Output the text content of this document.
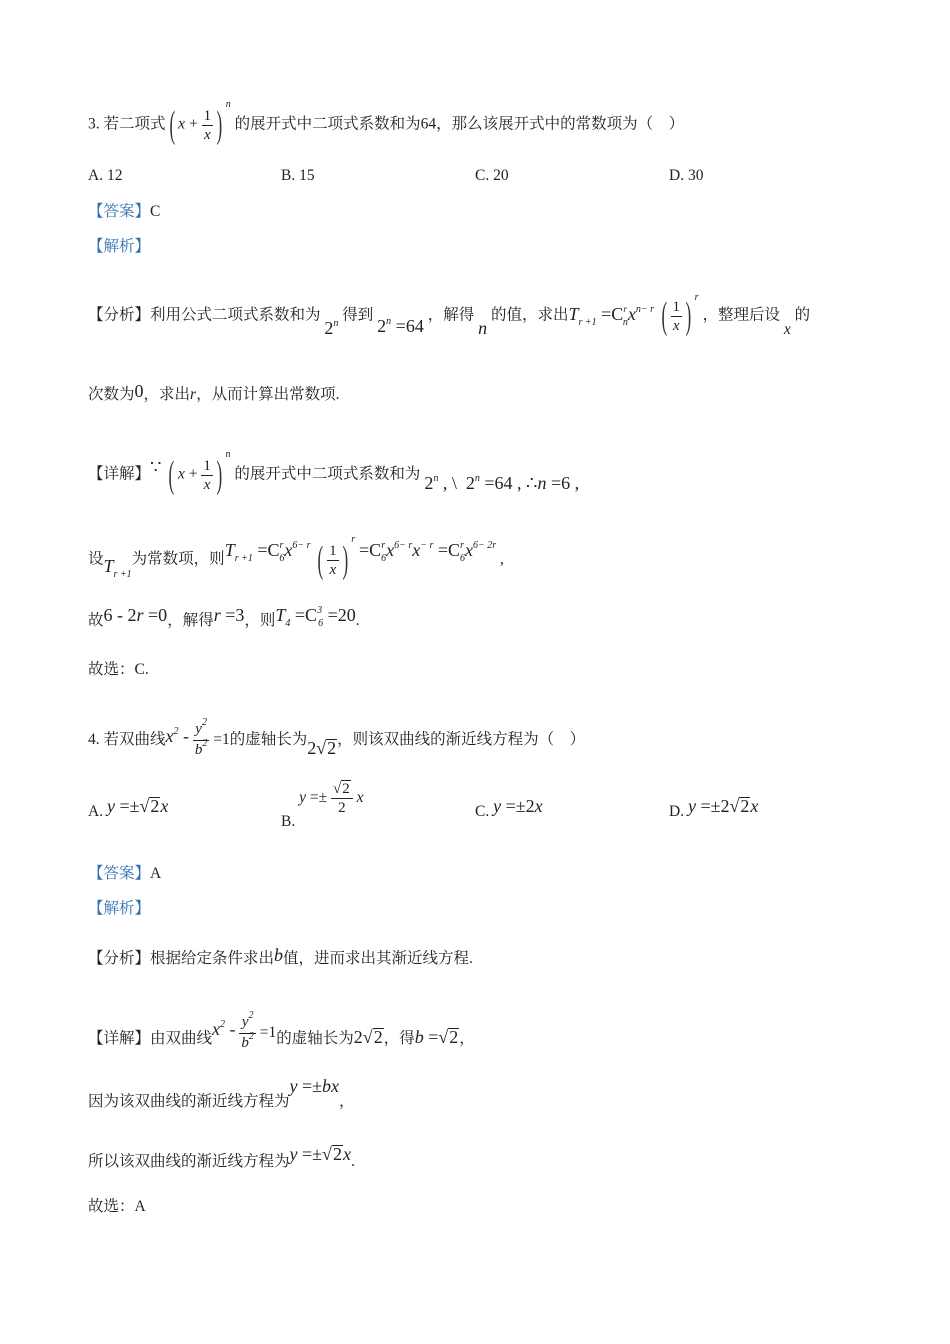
3. 若二项式( $x + \frac{1}{x}$ ) $^n$ 的展开式中二项式系数和为64，那么该展开式中的常数项为（　）
A. 12	B. 15	C. 20	D. 30
【答案】C
【解析】
【分析】利用公式二项式系数和为 2$^n$ 得到 $2^n =64$ ，解得 n 的值，求出$T_{r +1} =C^r_nx^{n- r}$ ( $\frac{1}{x}$ ) $^r$ ，整理后设 x 的
次数为0，求出r，从而计算出常数项.
【详解】∵ ( $x + \frac{1}{x}$ ) $^n$ 的展开式中二项式系数和为 2$^n$ , \  $2^n =64$ , ∴n =6 ,
设$T_{r +1}$为常数项，则$T_{r +1} =C^r_6x^{6- r}$ ( $\frac{1}{x}$ ) $^r =C^r_6x^{6- r}x^{- r} =C^r_6x^{6- 2r}$ ,
故6 - 2r =0，解得r =3，则$T_4 =C^3_6 =20$.
故选：C.
4. 若双曲线$x^2 - \frac{y^2}{b^2} =1$的虚轴长为2√2，则该双曲线的渐近线方程为（　）
A. y =±√2x
B. $y =\pm \frac{√2}{2}$ x
C. y =±2x	D. y =±2√2x
【答案】A
【解析】
【分析】根据给定条件求出b值，进而求出其渐近线方程.
【详解】由双曲线$x^2 - \frac{y^2}{b^2} =1$的虚轴长为2√2，得b =√2，
因为该双曲线的渐近线方程为y =±bx，
所以该双曲线的渐近线方程为y =±√2x.
故选：A
